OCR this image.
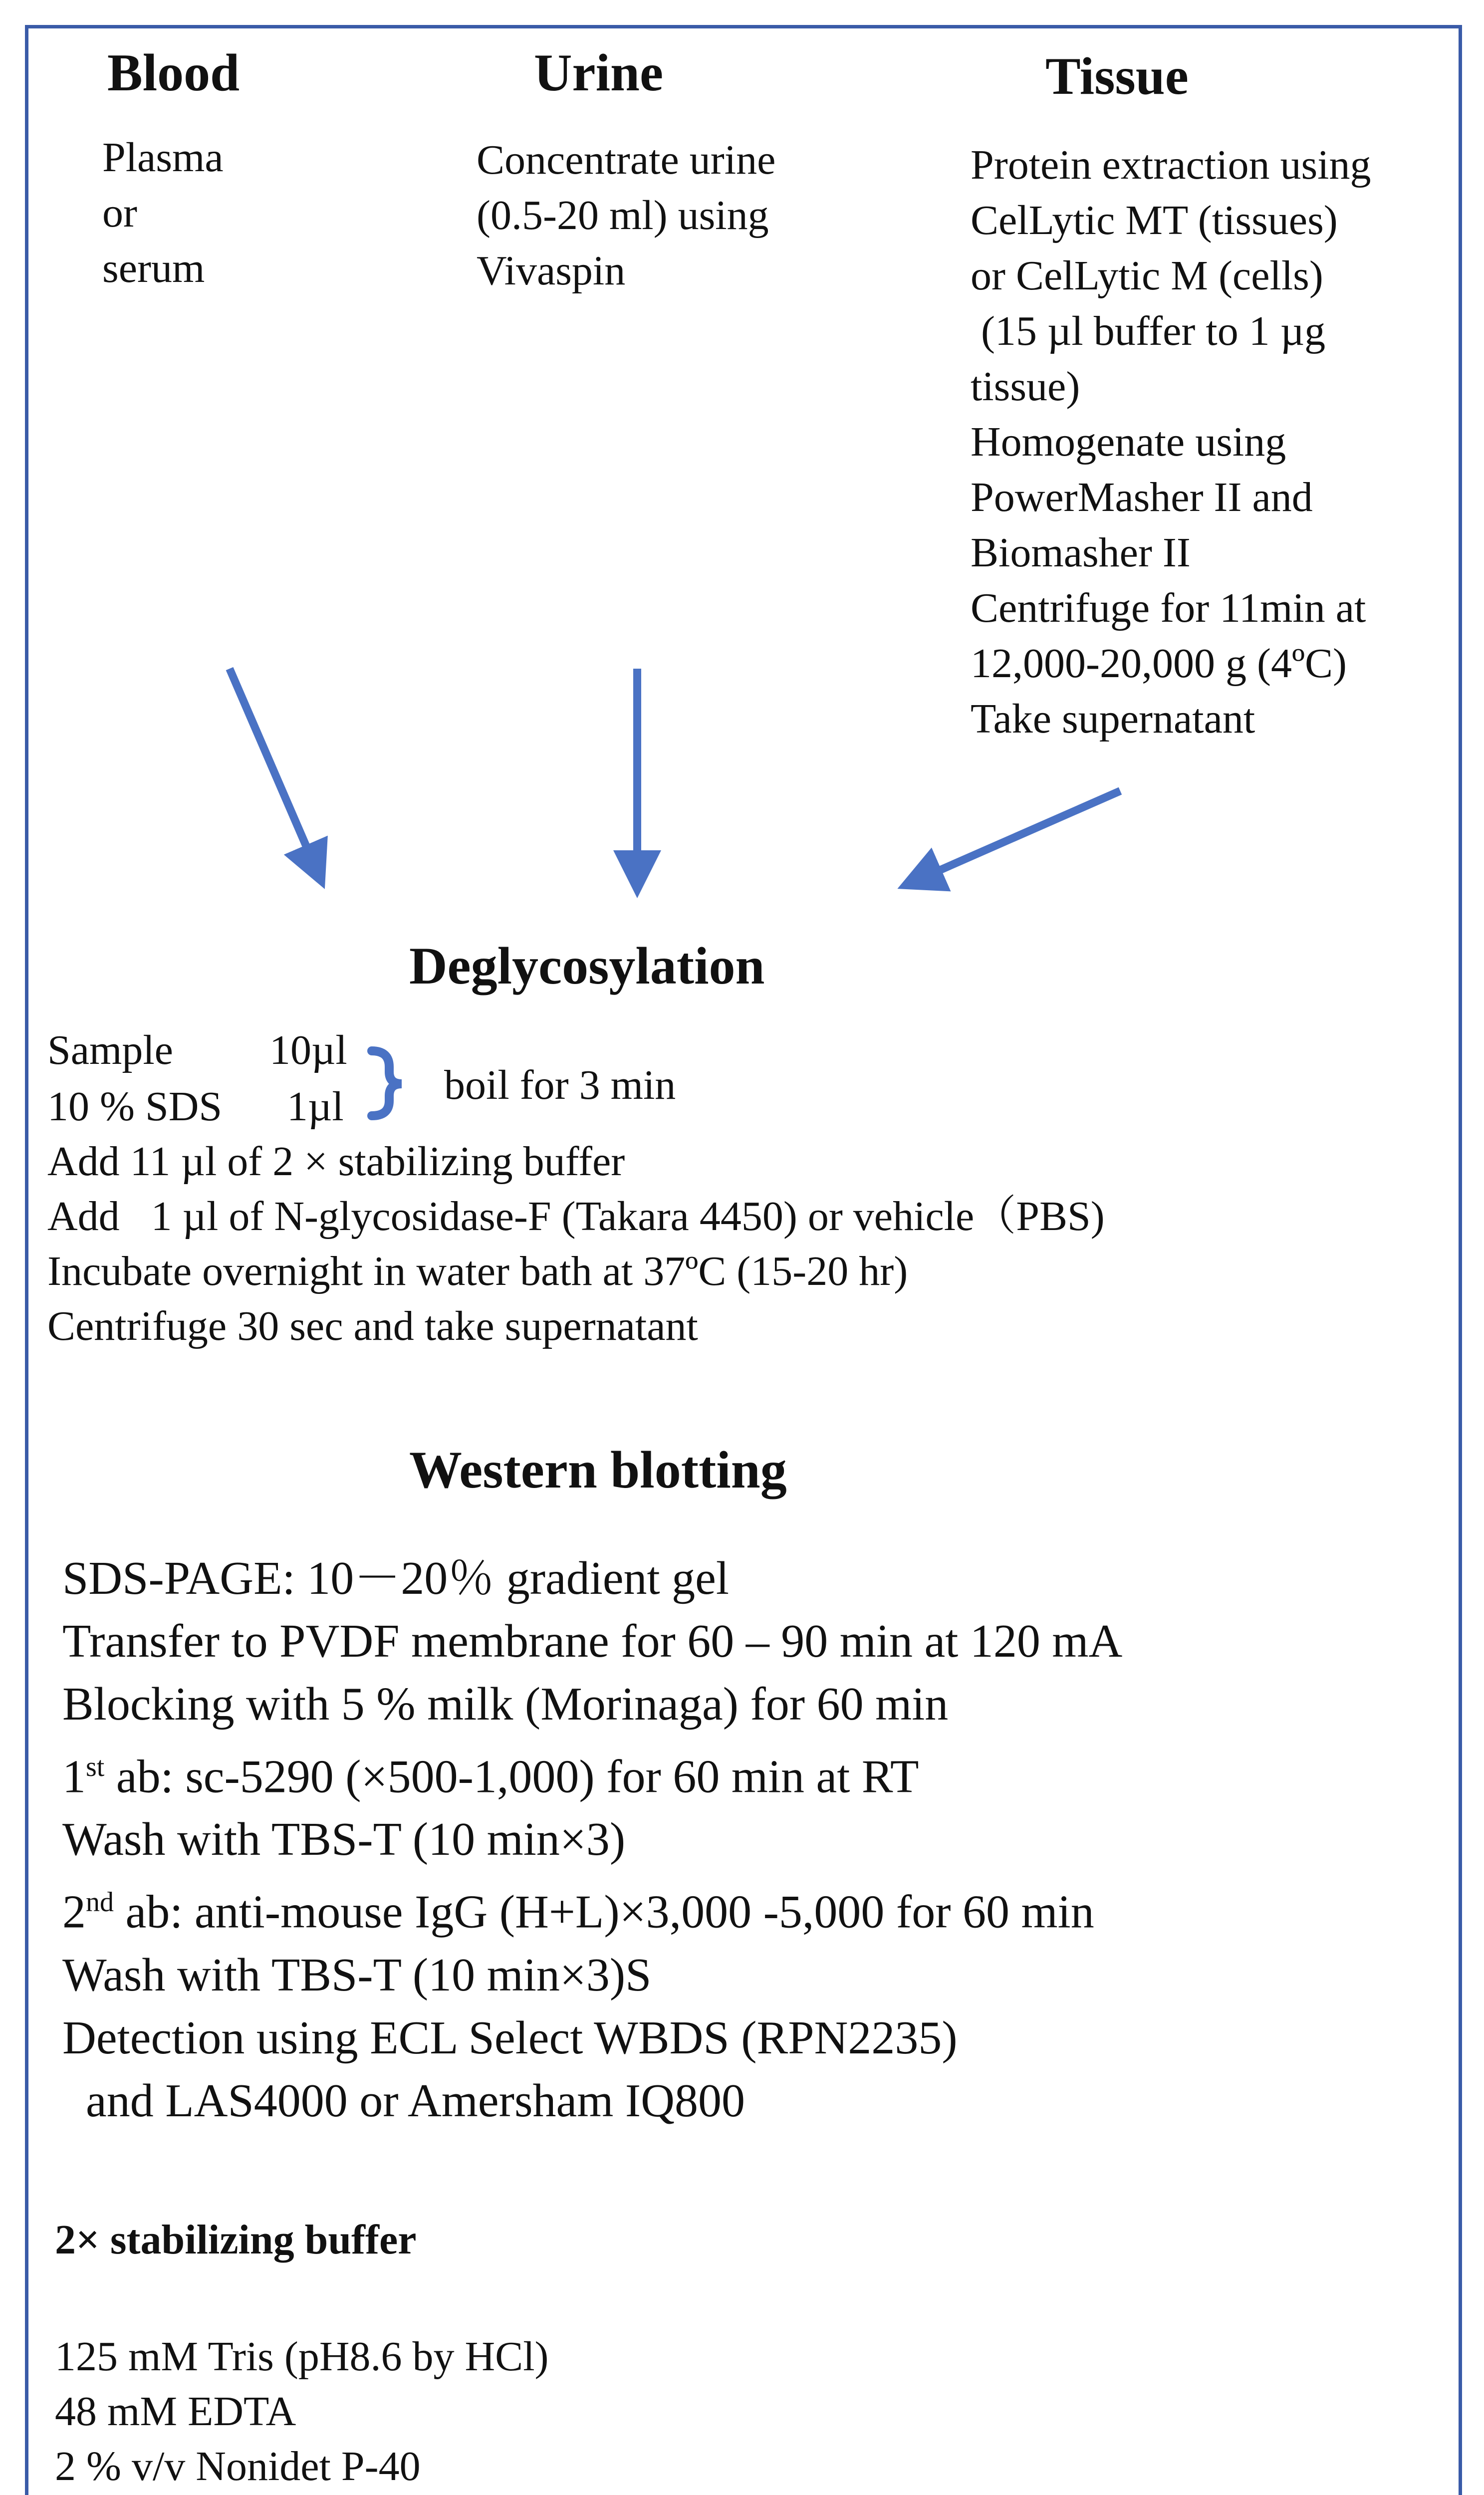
Blood	Urine	Tissue
Plasma
or
serum
Concentrate urine
(0.5-20 ml) using
Vivaspin
Protein extraction using
CelLytic MT (tissues)
or CelLytic M (cells)
(15 µl buffer to 1 µg
tissue)
Homogenate using
PowerMasher II and
Biomasher II
Centrifuge for 11min at
12,000-20,000 g (4ºC)
Take supernatant
Deglycosylation
Sample 10µl
10 % SDS 1µl boil for 3 min
Add 11 µl of 2 × stabilizing buffer
Add   1 µl of N-glycosidase-F (Takara 4450) or vehicle（PBS)
Incubate overnight in water bath at 37ºC (15-20 hr)
Centrifuge 30 sec and take supernatant
Western blotting
SDS-PAGE: 10－20％ gradient gel
Transfer to PVDF membrane for 60 – 90 min at 120 mA
Blocking with 5 % milk (Morinaga) for 60 min
1st ab: sc-5290 (×500-1,000) for 60 min at RT
Wash with TBS-T (10 min×3)
2nd ab: anti-mouse IgG (H+L)×3,000 -5,000 for 60 min
Wash with TBS-T (10 min×3)S
Detection using ECL Select WBDS (RPN2235)
and LAS4000 or Amersham IQ800
2× stabilizing buffer
125 mM Tris (pH8.6 by HCl)
48 mM EDTA
2 % v/v Nonidet P-40
